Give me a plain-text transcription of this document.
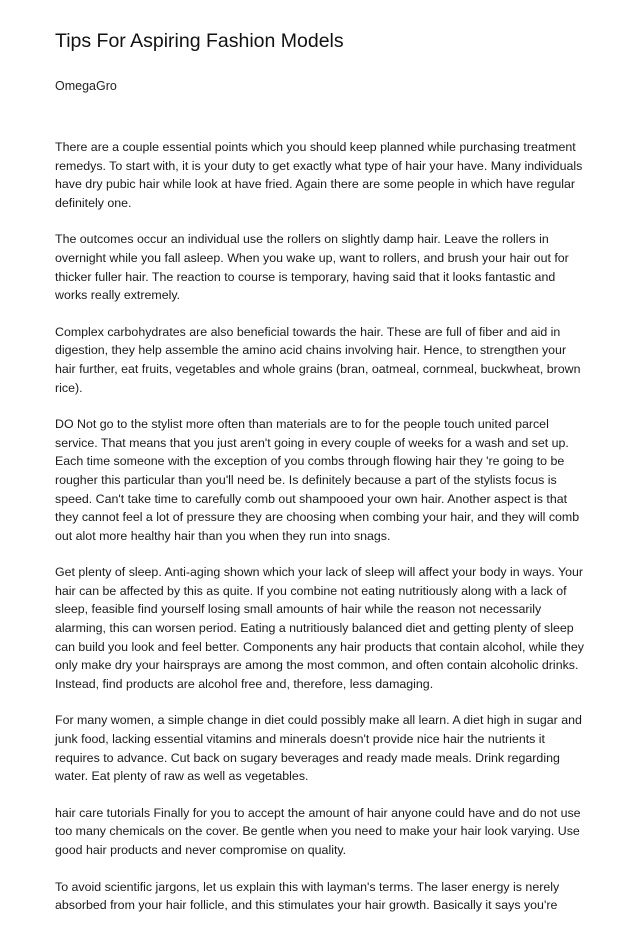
Tips For Aspiring Fashion Models
OmegaGro

There are a couple essential points which you should keep planned while purchasing treatment remedys. To start with, it is your duty to get exactly what type of hair your have. Many individuals have dry pubic hair while look at have fried. Again there are some people in which have regular definitely one.

The outcomes occur an individual use the rollers on slightly damp hair. Leave the rollers in overnight while you fall asleep. When you wake up, want to rollers, and brush your hair out for thicker fuller hair. The reaction to course is temporary, having said that it looks fantastic and works really extremely.

Complex carbohydrates are also beneficial towards the hair. These are full of fiber and aid in digestion, they help assemble the amino acid chains involving hair. Hence, to strengthen your hair further, eat fruits, vegetables and whole grains (bran, oatmeal, cornmeal, buckwheat, brown rice).

DO Not go to the stylist more often than materials are to for the people touch united parcel service. That means that you just aren't going in every couple of weeks for a wash and set up. Each time someone with the exception of you combs through flowing hair they 're going to be rougher this particular than you'll need be. Is definitely because a part of the stylists focus is speed. Can't take time to carefully comb out shampooed your own hair. Another aspect is that they cannot feel a lot of pressure they are choosing when combing your hair, and they will comb out alot more healthy hair than you when they run into snags.

Get plenty of sleep. Anti-aging shown which your lack of sleep will affect your body in ways. Your hair can be affected by this as quite. If you combine not eating nutritiously along with a lack of sleep, feasible find yourself losing small amounts of hair while the reason not necessarily alarming, this can worsen period. Eating a nutritiously balanced diet and getting plenty of sleep can build you look and feel better. Components any hair products that contain alcohol, while they only make dry your hairsprays are among the most common, and often contain alcoholic drinks. Instead, find products are alcohol free and, therefore, less damaging.

For many women, a simple change in diet could possibly make all learn. A diet high in sugar and junk food, lacking essential vitamins and minerals doesn't provide nice hair the nutrients it requires to advance. Cut back on sugary beverages and ready made meals. Drink regarding water. Eat plenty of raw as well as vegetables.

hair care tutorials Finally for you to accept the amount of hair anyone could have and do not use too many chemicals on the cover. Be gentle when you need to make your hair look varying. Use good hair products and never compromise on quality.

To avoid scientific jargons, let us explain this with layman's terms. The laser energy is nerely absorbed from your hair follicle, and this stimulates your hair growth. Basically it says you're
